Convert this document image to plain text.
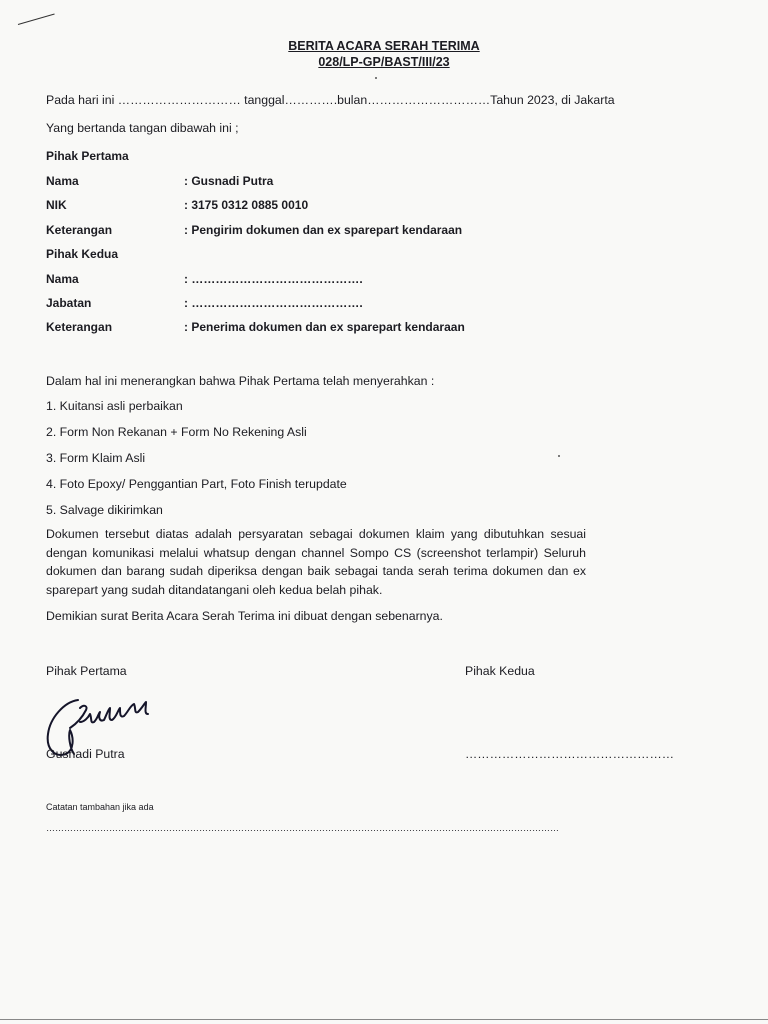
BERITA ACARA SERAH TERIMA
028/LP-GP/BAST/III/23
Pada hari ini ………………………… tanggal………….bulan…………………………Tahun 2023, di Jakarta
Yang bertanda tangan dibawah ini ;
Pihak Pertama
Nama	: Gusnadi Putra
NIK	: 3175 0312 0885 0010
Keterangan	: Pengirim dokumen dan ex sparepart kendaraan
Pihak Kedua
Nama	: …………………………………….
Jabatan	: …………………………………….
Keterangan	: Penerima dokumen dan ex sparepart kendaraan
Dalam hal ini menerangkan bahwa Pihak Pertama telah menyerahkan :
1. Kuitansi asli perbaikan
2. Form Non Rekanan + Form No Rekening Asli
3. Form Klaim Asli
4. Foto Epoxy/ Penggantian Part, Foto Finish terupdate
5. Salvage dikirimkan
Dokumen tersebut diatas adalah persyaratan sebagai dokumen klaim yang dibutuhkan sesuai dengan komunikasi melalui whatsup dengan channel Sompo CS (screenshot terlampir) Seluruh dokumen dan barang sudah diperiksa dengan baik sebagai tanda serah terima dokumen dan ex sparepart yang sudah ditandatangani oleh kedua belah pihak.
Demikian surat Berita Acara Serah Terima ini dibuat dengan sebenarnya.
Pihak Pertama	Pihak Kedua
Gusnadi Putra	……………………………………………
Catatan tambahan jika ada
………………………………………………………………………………………………………………………………………………………
